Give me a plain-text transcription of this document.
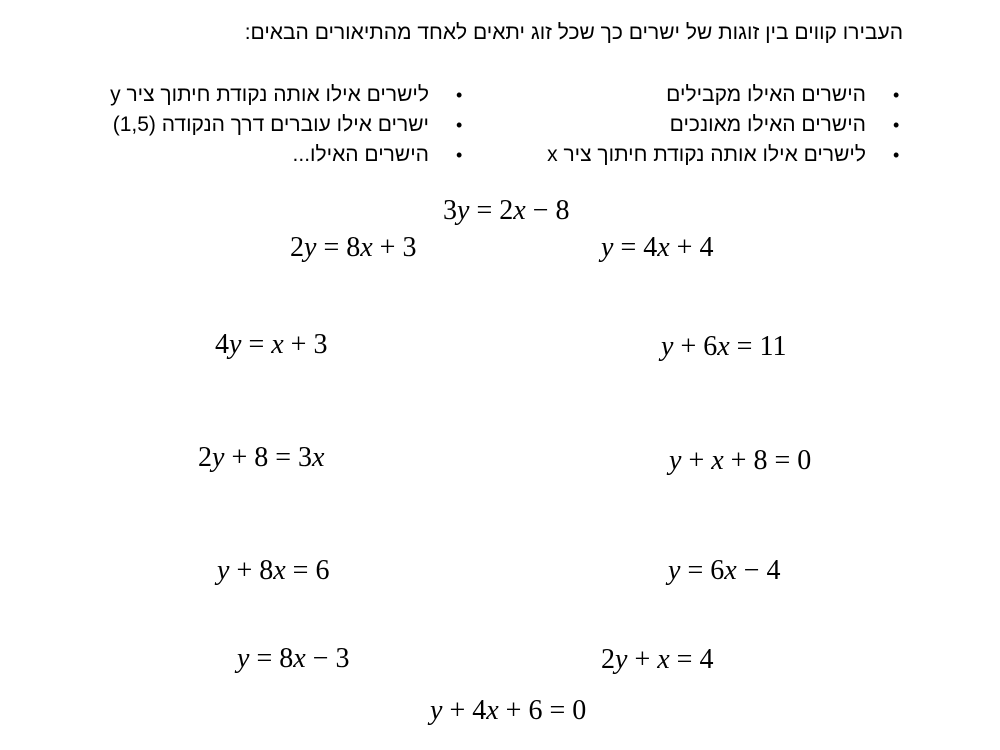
העבירו קווים בין זוגות של ישרים כך שכל זוג יתאים לאחד מהתיאורים הבאים:
•
הישרים האילו מקבילים
•
הישרים האילו מאונכים
•
לישרים אילו אותה נקודת חיתוך ציר x
•
לישרים אילו אותה נקודת חיתוך ציר y
•
ישרים אילו עוברים דרך הנקודה (1,5)
•
הישרים האילו...
3y = 2x − 8
2y = 8x + 3	y = 4x + 4
4y = x + 3	y + 6x = 11
2y + 8 = 3x	y + x + 8 = 0
y + 8x = 6	y = 6x − 4
y = 8x − 3	2y + x = 4
y + 4x + 6 = 0
